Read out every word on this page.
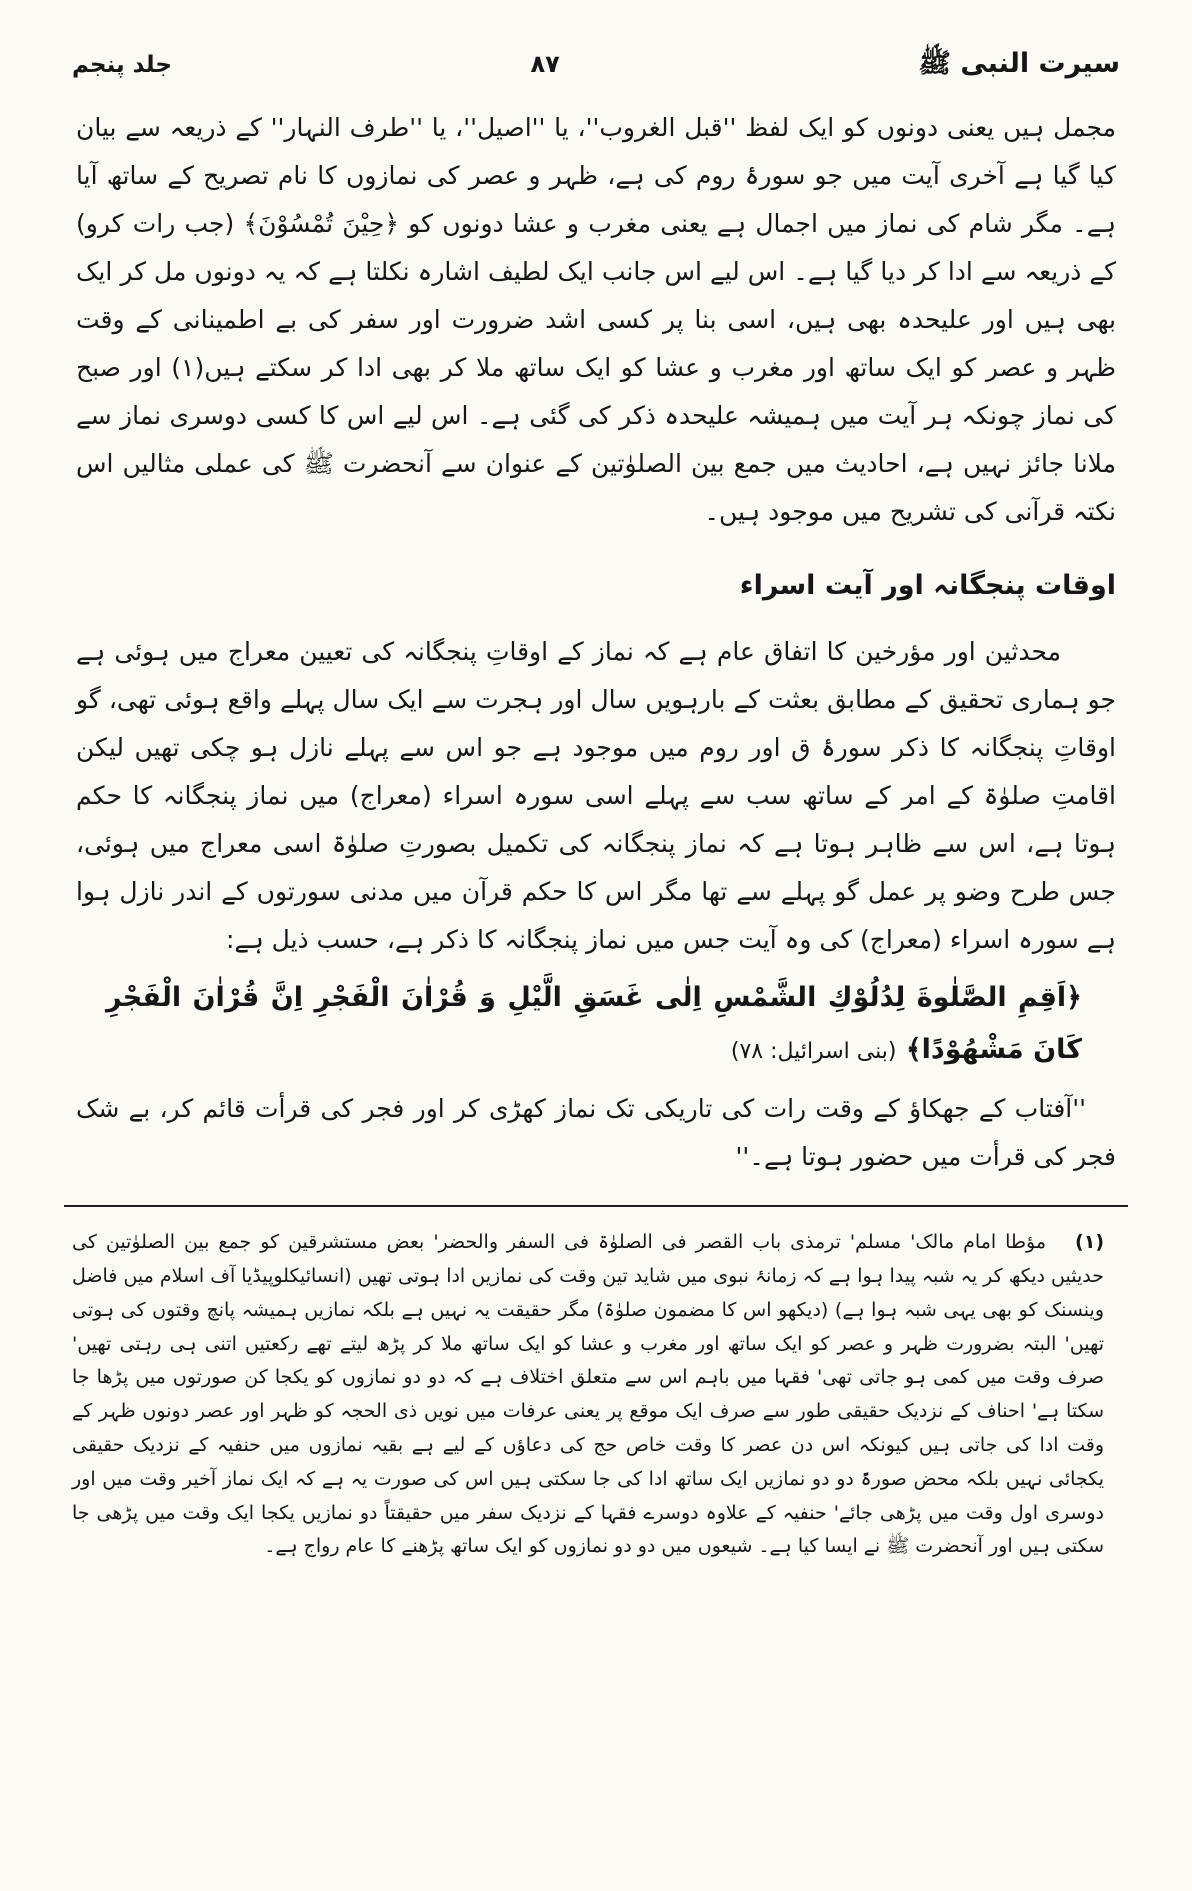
سیرت النبی ﷺ
۸۷
جلد پنجم

مجمل ہیں یعنی دونوں کو ایک لفظ ''قبل الغروب''، یا ''اصیل''، یا ''طرف النہار'' کے ذریعہ سے بیان کیا گیا ہے آخری آیت میں جو سورۂ روم کی ہے، ظہر و عصر کی نمازوں کا نام تصریح کے ساتھ آیا ہے۔ مگر شام کی نماز میں اجمال ہے یعنی مغرب و عشا دونوں کو ﴿حِیْنَ تُمْسُوْنَ﴾ (جب رات کرو) کے ذریعہ سے ادا کر دیا گیا ہے۔ اس لیے اس جانب ایک لطیف اشارہ نکلتا ہے کہ یہ دونوں مل کر ایک بھی ہیں اور علیحدہ بھی ہیں، اسی بنا پر کسی اشد ضرورت اور سفر کی بے اطمینانی کے وقت ظہر و عصر کو ایک ساتھ اور مغرب و عشا کو ایک ساتھ ملا کر بھی ادا کر سکتے ہیں(۱) اور صبح کی نماز چونکہ ہر آیت میں ہمیشہ علیحدہ ذکر کی گئی ہے۔ اس لیے اس کا کسی دوسری نماز سے ملانا جائز نہیں ہے، احادیث میں جمع بین الصلوٰتین کے عنوان سے آنحضرت ﷺ کی عملی مثالیں اس نکتہ قرآنی کی تشریح میں موجود ہیں۔

اوقات پنجگانہ اور آیت اسراء

محدثین اور مؤرخین کا اتفاق عام ہے کہ نماز کے اوقاتِ پنجگانہ کی تعیین معراج میں ہوئی ہے جو ہماری تحقیق کے مطابق بعثت کے بارہویں سال اور ہجرت سے ایک سال پہلے واقع ہوئی تھی، گو اوقاتِ پنجگانہ کا ذکر سورۂ ق اور روم میں موجود ہے جو اس سے پہلے نازل ہو چکی تھیں لیکن اقامتِ صلوٰۃ کے امر کے ساتھ سب سے پہلے اسی سورہ اسراء (معراج) میں نماز پنجگانہ کا حکم ہوتا ہے، اس سے ظاہر ہوتا ہے کہ نماز پنجگانہ کی تکمیل بصورتِ صلوٰۃ اسی معراج میں ہوئی، جس طرح وضو پر عمل گو پہلے سے تھا مگر اس کا حکم قرآن میں مدنی سورتوں کے اندر نازل ہوا ہے سورہ اسراء (معراج) کی وہ آیت جس میں نماز پنجگانہ کا ذکر ہے، حسب ذیل ہے:

﴿اَقِمِ الصَّلٰوةَ لِدُلُوْكِ الشَّمْسِ اِلٰی غَسَقِ الَّیْلِ وَ قُرْاٰنَ الْفَجْرِ اِنَّ قُرْاٰنَ الْفَجْرِ كَانَ مَشْهُوْدًا﴾ (بنی اسرائیل: ۷۸)

''آفتاب کے جھکاؤ کے وقت رات کی تاریکی تک نماز کھڑی کر اور فجر کی قرأت قائم کر، بے شک فجر کی قرأت میں حضور ہوتا ہے۔''

(۱) مؤطا امام مالک' مسلم' ترمذی باب القصر فی الصلوٰۃ فی السفر والحضر' بعض مستشرقین کو جمع بین الصلوٰتین کی حدیثیں دیکھ کر یہ شبہ پیدا ہوا ہے کہ زمانۂ نبوی میں شاید تین وقت کی نمازیں ادا ہوتی تھیں (انسائیکلوپیڈیا آف اسلام میں فاضل وینسنک کو بھی یہی شبہ ہوا ہے) (دیکھو اس کا مضمون صلوٰۃ) مگر حقیقت یہ نہیں ہے بلکہ نمازیں ہمیشہ پانچ وقتوں کی ہوتی تھیں' البتہ بضرورت ظہر و عصر کو ایک ساتھ اور مغرب و عشا کو ایک ساتھ ملا کر پڑھ لیتے تھے رکعتیں اتنی ہی رہتی تھیں' صرف وقت میں کمی ہو جاتی تھی' فقہا میں باہم اس سے متعلق اختلاف ہے کہ دو دو نمازوں کو یکجا کن صورتوں میں پڑھا جا سکتا ہے' احناف کے نزدیک حقیقی طور سے صرف ایک موقع پر یعنی عرفات میں نویں ذی الحجہ کو ظہر اور عصر دونوں ظہر کے وقت ادا کی جاتی ہیں کیونکہ اس دن عصر کا وقت خاص حج کی دعاؤں کے لیے ہے بقیہ نمازوں میں حنفیہ کے نزدیک حقیقی یکجائی نہیں بلکہ محض صورۃً دو دو نمازیں ایک ساتھ ادا کی جا سکتی ہیں اس کی صورت یہ ہے کہ ایک نماز آخیر وقت میں اور دوسری اول وقت میں پڑھی جائے' حنفیہ کے علاوہ دوسرے فقہا کے نزدیک سفر میں حقیقتاً دو نمازیں یکجا ایک وقت میں پڑھی جا سکتی ہیں اور آنحضرت ﷺ نے ایسا کیا ہے۔ شیعوں میں دو دو نمازوں کو ایک ساتھ پڑھنے کا عام رواج ہے۔
